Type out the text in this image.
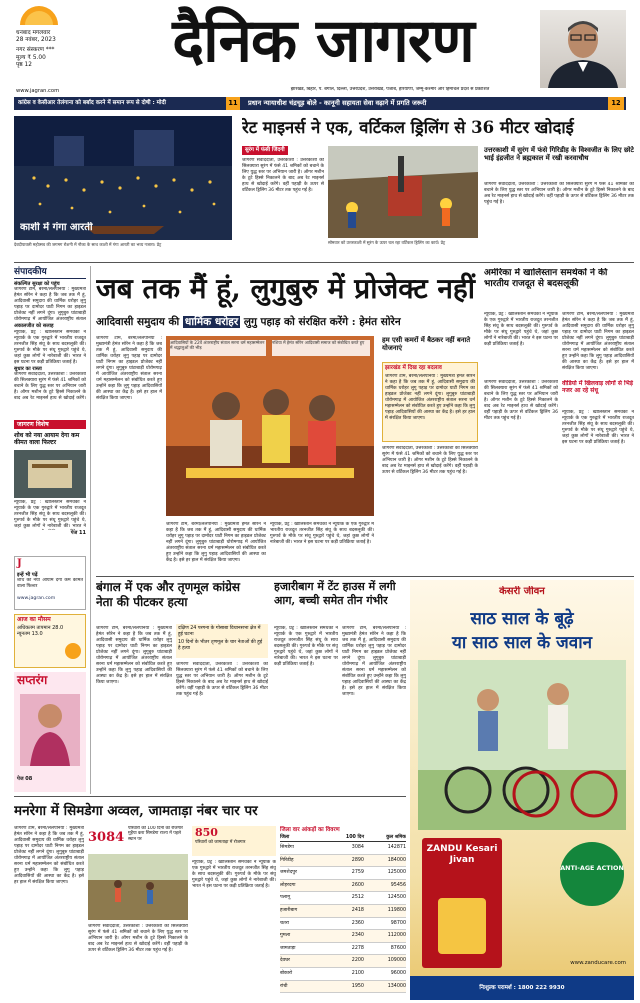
धनबाद मंगलवार
28 नवंबर, 2023
नगर संस्करण ***
मूल्य ₹ 5.00
पृष्ठ 12	दैनिक जागरण
www.jagran.com	झारखंड, बिहार, प. बंगाल, दिल्ली, उत्तरप्रदेश, उत्तराखंड, पंजाब, हरियाणा, जम्मू-कश्मीर और हिमाचल प्रदेश से प्रकाशित
कांग्रेस व केसीआर तेलंगाना को बर्बाद करने में समान रूप से दोषी : मोदी	11	प्रधान न्यायाधीश चंद्रचूड़ बोले - कानूनी सहायता सेवा वढ़ाने में प्रगति जरूरी	12
काशी में गंगा आरती
देवदीपावली महोत्सव की जगमग रोशनी में नौका के साथ काशी में गंगा आरती का भव्य नजारा। प्रेट्र
रेट माइनर्स ने एक, वर्टिकल ड्रिलिंग से 36 मीटर खोदाई
सुरंग में फंसी जिंदगी
जागरण संवाददाता, उत्तरकाशी : उत्तरकाशी की सिलक्यारा सुरंग में फंसे 41 श्रमिकों को बचाने के लिए युद्ध स्तर पर अभियान जारी है। ऑगर मशीन के टूटे हिस्से निकालने के बाद अब रेट माइनर्स हाथ से खोदाई करेंगे। वहीं पहाड़ी के ऊपर से वर्टिकल ड्रिलिंग 36 मीटर तक पहुंच गई है।
सोमवार को उत्तरकाशी में सुरंग के ऊपर चल रहा वर्टिकल ड्रिलिंग का कार्य। प्रेट्र
उत्तरकाशी में सुरंग में फंसे गिरिडीह के विश्वजीत के लिए छोटे भाई इंद्रजीत ने ब्रह्मकाल में रखी करवाचौथ
जागरण संवाददाता, उत्तरकाशी : उत्तरकाशी की सिलक्यारा सुरंग में फंसे 41 श्रमिकों को बचाने के लिए युद्ध स्तर पर अभियान जारी है। ऑगर मशीन के टूटे हिस्से निकालने के बाद अब रेट माइनर्स हाथ से खोदाई करेंगे। वहीं पहाड़ी के ऊपर से वर्टिकल ड्रिलिंग 36 मीटर तक पहुंच गई है।
संपादकीय
संकल्पित सुरक्षा को पहुंच
जागरण टीम, बेरमो/ललपनिया : मुख्यमंत्री हेमंत सोरेन ने कहा है कि जब तक मैं हूं, आदिवासी समुदाय की धार्मिक धरोहर लुगु पहाड़ पर दामोदर घाटी निगम का हाइडल प्रोजेक्ट नहीं लगने दूंगा। लुगुबुरु घांटाबाड़ी धोरोमगाढ़ में आयोजित अंतरराष्ट्रीय संताल
अकालजीत को सलाह
न्यूयार्क, प्रेट्र : खालिस्तान समर्थकों ने न्यूयार्क के एक गुरुद्वारे में भारतीय राजदूत तरनजीत सिंह संधू के साथ बदसलूकी की। गुरुपर्व के मौके पर संधू गुरुद्वारे पहुंचे थे, जहां कुछ लोगों ने नारेबाजी की। भारत ने इस घटना पर कड़ी प्रतिक्रिया जताई है।
सुधार का रास्ता
जागरण संवाददाता, उत्तरकाशी : उत्तरकाशी की सिलक्यारा सुरंग में फंसे 41 श्रमिकों को बचाने के लिए युद्ध स्तर पर अभियान जारी है। ऑगर मशीन के टूटे हिस्से निकालने के बाद अब रेट माइनर्स हाथ से खोदाई करेंगे।
जागरण विशेष
शोध को नया आयाम देगा कम कीमत वाला फिल्टर
न्यूयार्क, प्रेट्र : खालिस्तान समर्थकों ने न्यूयार्क के एक गुरुद्वारे में भारतीय राजदूत तरनजीत सिंह संधू के साथ बदसलूकी की। गुरुपर्व के मौके पर संधू गुरुद्वारे पहुंचे थे, जहां कुछ लोगों ने नारेबाजी की। भारत ने
पेज 11
J
इन्हें भी पढ़ें
शोध को नया आयाम देगा कम कीमत वाला फिल्टर
www.jagran.com
आज का मौसम
अधिकतम तापमान 28.0
न्यूनतम 13.0
सप्तरंग
पेज 08
जब तक मैं हूं, लुगुबुरु में प्रोजेक्ट नहीं
आदिवासी समुदाय की धार्मिक धरोहर लुगु पहाड़ को संरक्षित करेंगे : हेमंत सोरेन
जागरण टीम, बेरमो/ललपनिया : मुख्यमंत्री हेमंत सोरेन ने कहा है कि जब तक मैं हूं, आदिवासी समुदाय की धार्मिक धरोहर लुगु पहाड़ पर दामोदर घाटी निगम का हाइडल प्रोजेक्ट नहीं लगने दूंगा। लुगुबुरु घांटाबाड़ी धोरोमगाढ़ में आयोजित अंतरराष्ट्रीय संताल सरना धर्म महासम्मेलन को संबोधित करते हुए उन्होंने कहा कि लुगु पहाड़ आदिवासियों की आस्था का केंद्र है। इसे हर हाल में संरक्षित किया जाएगा।
आदिवासियों के 22वें अंतरराष्ट्रीय संताल सरना धर्म महासम्मेलन में श्रद्धालुओं की भीड़
नशिया में हेमंत सोरेन आदिवासी समाज को संबोधित करते हुए
जागरण टीम, बेरमो/ललपनिया : मुख्यमंत्री हेमंत सोरेन ने कहा है कि जब तक मैं हूं, आदिवासी समुदाय की धार्मिक धरोहर लुगु पहाड़ पर दामोदर घाटी निगम का हाइडल प्रोजेक्ट नहीं लगने दूंगा। लुगुबुरु घांटाबाड़ी धोरोमगाढ़ में आयोजित अंतरराष्ट्रीय संताल सरना धर्म महासम्मेलन को संबोधित करते हुए उन्होंने कहा कि लुगु पहाड़ आदिवासियों की आस्था का केंद्र है। इसे हर हाल में संरक्षित किया जाएगा।
न्यूयार्क, प्रेट्र : खालिस्तान समर्थकों ने न्यूयार्क के एक गुरुद्वारे में भारतीय राजदूत तरनजीत सिंह संधू के साथ बदसलूकी की। गुरुपर्व के मौके पर संधू गुरुद्वारे पहुंचे थे, जहां कुछ लोगों ने नारेबाजी की। भारत ने इस घटना पर कड़ी प्रतिक्रिया जताई है।
हम एसी कमरों में बैठकर नहीं बनाते योजनाएं
झारखंड में दिख रहा बदलाव
जागरण टीम, बेरमो/ललपनिया : मुख्यमंत्री हेमंत सोरेन ने कहा है कि जब तक मैं हूं, आदिवासी समुदाय की धार्मिक धरोहर लुगु पहाड़ पर दामोदर घाटी निगम का हाइडल प्रोजेक्ट नहीं लगने दूंगा। लुगुबुरु घांटाबाड़ी धोरोमगाढ़ में आयोजित अंतरराष्ट्रीय संताल सरना धर्म महासम्मेलन को संबोधित करते हुए उन्होंने कहा कि लुगु पहाड़ आदिवासियों की आस्था का केंद्र है। इसे हर हाल में संरक्षित किया जाएगा।
जागरण संवाददाता, उत्तरकाशी : उत्तरकाशी की सिलक्यारा सुरंग में फंसे 41 श्रमिकों को बचाने के लिए युद्ध स्तर पर अभियान जारी है। ऑगर मशीन के टूटे हिस्से निकालने के बाद अब रेट माइनर्स हाथ से खोदाई करेंगे। वहीं पहाड़ी के ऊपर से वर्टिकल ड्रिलिंग 36 मीटर तक पहुंच गई है।
अमेरिका में खालिस्तान समर्थकों ने की भारतीय राजदूत से बदसलूकी
न्यूयार्क, प्रेट्र : खालिस्तान समर्थकों ने न्यूयार्क के एक गुरुद्वारे में भारतीय राजदूत तरनजीत सिंह संधू के साथ बदसलूकी की। गुरुपर्व के मौके पर संधू गुरुद्वारे पहुंचे थे, जहां कुछ लोगों ने नारेबाजी की। भारत ने इस घटना पर कड़ी प्रतिक्रिया जताई है।
जागरण टीम, बेरमो/ललपनिया : मुख्यमंत्री हेमंत सोरेन ने कहा है कि जब तक मैं हूं, आदिवासी समुदाय की धार्मिक धरोहर लुगु पहाड़ पर दामोदर घाटी निगम का हाइडल प्रोजेक्ट नहीं लगने दूंगा। लुगुबुरु घांटाबाड़ी धोरोमगाढ़ में आयोजित अंतरराष्ट्रीय संताल सरना धर्म महासम्मेलन को संबोधित करते हुए उन्होंने कहा कि लुगु पहाड़ आदिवासियों की आस्था का केंद्र है। इसे हर हाल में संरक्षित किया जाएगा।
वीडियो में खिलवाड़ लोगों से भिड़े नजर आ रहे संधू
जागरण संवाददाता, उत्तरकाशी : उत्तरकाशी की सिलक्यारा सुरंग में फंसे 41 श्रमिकों को बचाने के लिए युद्ध स्तर पर अभियान जारी है। ऑगर मशीन के टूटे हिस्से निकालने के बाद अब रेट माइनर्स हाथ से खोदाई करेंगे। वहीं पहाड़ी के ऊपर से वर्टिकल ड्रिलिंग 36 मीटर तक पहुंच गई है।
न्यूयार्क, प्रेट्र : खालिस्तान समर्थकों ने न्यूयार्क के एक गुरुद्वारे में भारतीय राजदूत तरनजीत सिंह संधू के साथ बदसलूकी की। गुरुपर्व के मौके पर संधू गुरुद्वारे पहुंचे थे, जहां कुछ लोगों ने नारेबाजी की। भारत ने इस घटना पर कड़ी प्रतिक्रिया जताई है।
बंगाल में एक और तृणमूल कांग्रेस नेता की पीटकर हत्या
दक्षिण 24 परगना के गोसाबा विधानसभा क्षेत्र में हुई घटना
10 दिनों के भीतर तृणमूल के चार नेताओं की हुई है हत्या
जागरण टीम, बेरमो/ललपनिया : मुख्यमंत्री हेमंत सोरेन ने कहा है कि जब तक मैं हूं, आदिवासी समुदाय की धार्मिक धरोहर लुगु पहाड़ पर दामोदर घाटी निगम का हाइडल प्रोजेक्ट नहीं लगने दूंगा। लुगुबुरु घांटाबाड़ी धोरोमगाढ़ में आयोजित अंतरराष्ट्रीय संताल सरना धर्म महासम्मेलन को संबोधित करते हुए उन्होंने कहा कि लुगु पहाड़ आदिवासियों की आस्था का केंद्र है। इसे हर हाल में संरक्षित किया जाएगा।
जागरण संवाददाता, उत्तरकाशी : उत्तरकाशी की सिलक्यारा सुरंग में फंसे 41 श्रमिकों को बचाने के लिए युद्ध स्तर पर अभियान जारी है। ऑगर मशीन के टूटे हिस्से निकालने के बाद अब रेट माइनर्स हाथ से खोदाई करेंगे। वहीं पहाड़ी के ऊपर से वर्टिकल ड्रिलिंग 36 मीटर तक पहुंच गई है।
हजारीबाग में टेंट हाउस में लगी आग, बच्ची समेत तीन गंभीर
न्यूयार्क, प्रेट्र : खालिस्तान समर्थकों ने न्यूयार्क के एक गुरुद्वारे में भारतीय राजदूत तरनजीत सिंह संधू के साथ बदसलूकी की। गुरुपर्व के मौके पर संधू गुरुद्वारे पहुंचे थे, जहां कुछ लोगों ने नारेबाजी की। भारत ने इस घटना पर कड़ी प्रतिक्रिया जताई है।
जागरण टीम, बेरमो/ललपनिया : मुख्यमंत्री हेमंत सोरेन ने कहा है कि जब तक मैं हूं, आदिवासी समुदाय की धार्मिक धरोहर लुगु पहाड़ पर दामोदर घाटी निगम का हाइडल प्रोजेक्ट नहीं लगने दूंगा। लुगुबुरु घांटाबाड़ी धोरोमगाढ़ में आयोजित अंतरराष्ट्रीय संताल सरना धर्म महासम्मेलन को संबोधित करते हुए उन्होंने कहा कि लुगु पहाड़ आदिवासियों की आस्था का केंद्र है। इसे हर हाल में संरक्षित किया जाएगा।
केसरी जीवन
साठ साल के बूढ़े
या साठ साल के जवान
ZANDU Kesari Jivan
ANTI-AGE ACTION
www.zanducare.com
निःशुल्क परामर्श : 1800 222 9930
मनरेगा में सिमडेगा अव्वल, जामताड़ा नंबर चार पर
जागरण टीम, बेरमो/ललपनिया : मुख्यमंत्री हेमंत सोरेन ने कहा है कि जब तक मैं हूं, आदिवासी समुदाय की धार्मिक धरोहर लुगु पहाड़ पर दामोदर घाटी निगम का हाइडल प्रोजेक्ट नहीं लगने दूंगा। लुगुबुरु घांटाबाड़ी धोरोमगाढ़ में आयोजित अंतरराष्ट्रीय संताल सरना धर्म महासम्मेलन को संबोधित करते हुए उन्होंने कहा कि लुगु पहाड़ आदिवासियों की आस्था का केंद्र है। इसे हर हाल में संरक्षित किया जाएगा।
3084
परिवारों को 100 दिनों का रोजगार मुहैया करा सिमडेगा राज्य में पहले स्थान पर
जागरण संवाददाता, उत्तरकाशी : उत्तरकाशी की सिलक्यारा सुरंग में फंसे 41 श्रमिकों को बचाने के लिए युद्ध स्तर पर अभियान जारी है। ऑगर मशीन के टूटे हिस्से निकालने के बाद अब रेट माइनर्स हाथ से खोदाई करेंगे। वहीं पहाड़ी के ऊपर से वर्टिकल ड्रिलिंग 36 मीटर तक पहुंच गई है।
850
परिवारों को जामताड़ा में रोजगार
न्यूयार्क, प्रेट्र : खालिस्तान समर्थकों ने न्यूयार्क के एक गुरुद्वारे में भारतीय राजदूत तरनजीत सिंह संधू के साथ बदसलूकी की। गुरुपर्व के मौके पर संधू गुरुद्वारे पहुंचे थे, जहां कुछ लोगों ने नारेबाजी की। भारत ने इस घटना पर कड़ी प्रतिक्रिया जताई है।
जिला वार आंकड़ों का विवरण
जिला	100 दिन	कुल श्रमिक
सिमडेगा	3084	142871
गिरिडीह	2890	184000
जमशेदपुर	2759	125000
लोहरदगा	2600	95456
पलामू	2512	124500
हजारीबाग	2418	119800
चतरा	2360	98700
गुमला	2340	112000
जामताड़ा	2278	87600
देवघर	2200	109000
बोकारो	2100	96000
रांची	1950	134000
